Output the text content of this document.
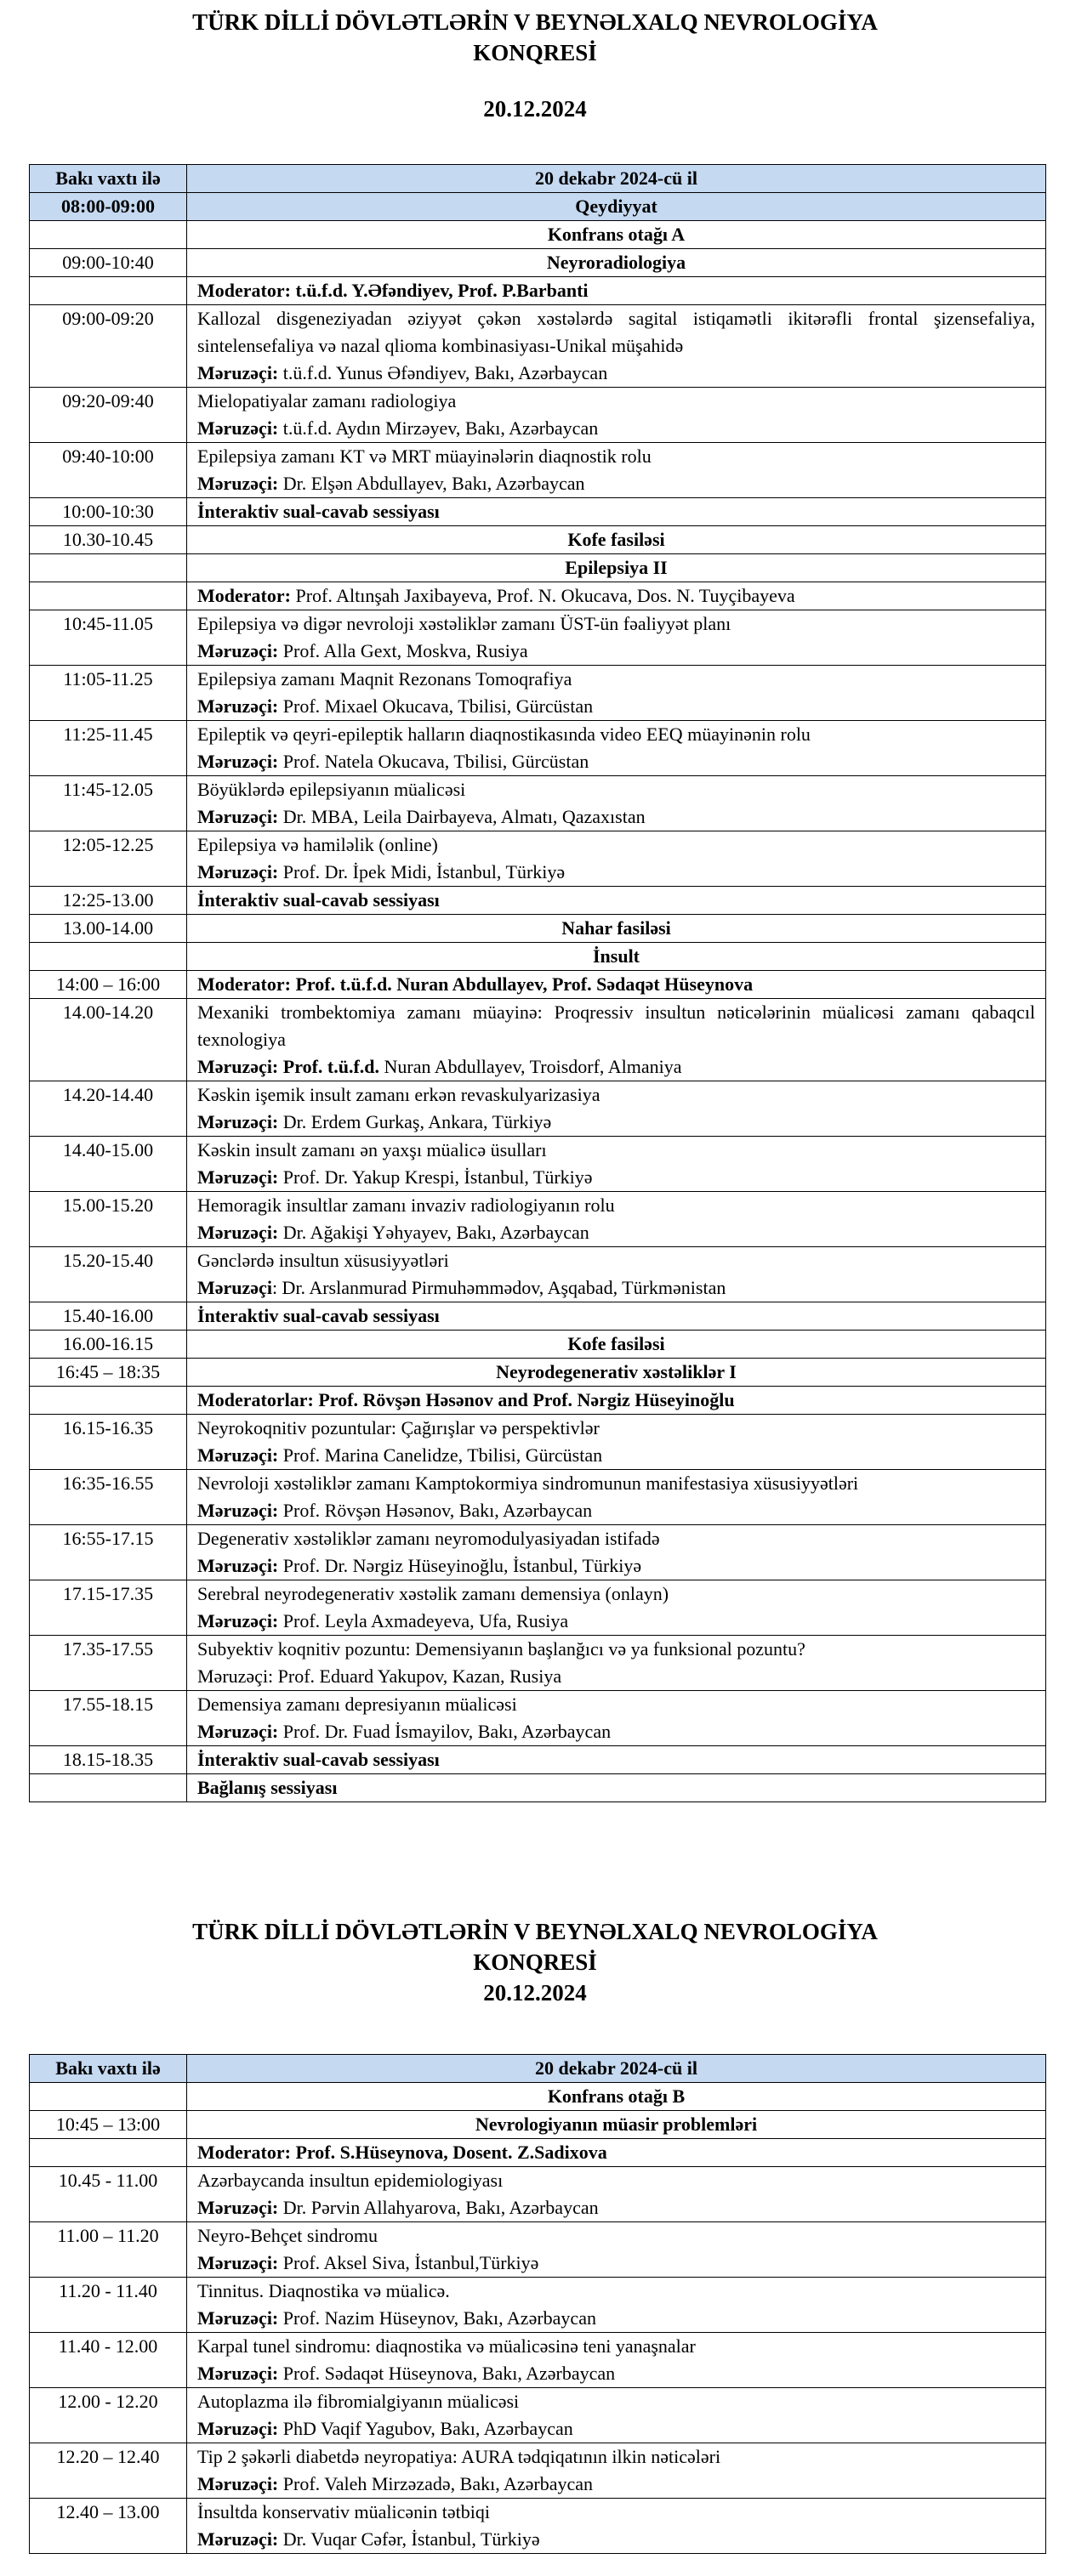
TÜRK DİLLİ DÖVLƏTLƏRİN V BEYNƏLXALQ NEVROLOGİYA
KONQRESİ
20.12.2024
Bakı vaxtı ilə	20 dekabr 2024-cü il
08:00-09:00	Qeydiyyat
	Konfrans otağı A
09:00-10:40	Neyroradiologiya
	Moderator: t.ü.f.d. Y.Əfəndiyev, Prof. P.Barbanti
09:00-09:20	Kallozal disgeneziyadan əziyyət çəkən xəstələrdə sagital istiqamətli ikitərəfli frontal şizensefaliya, sintelensefaliya və nazal qlioma kombinasiyası-Unikal müşahidə
Məruzəçi: t.ü.f.d. Yunus Əfəndiyev, Bakı, Azərbaycan

09:20-09:40	Mielopatiyalar zamanı radiologiya
Məruzəçi: t.ü.f.d. Aydın Mirzəyev, Bakı, Azərbaycan

09:40-10:00	Epilepsiya zamanı KT və MRT müayinələrin diaqnostik rolu
Məruzəçi: Dr. Elşən Abdullayev, Bakı, Azərbaycan

10:00-10:30	İnteraktiv sual-cavab sessiyası
10.30-10.45	Kofe fasiləsi
	Epilepsiya II
	Moderator: Prof. Altınşah Jaxibayeva, Prof. N. Okucava, Dos. N. Tuyçibayeva
10:45-11.05	Epilepsiya və digər nevroloji xəstəliklər zamanı ÜST-ün fəaliyyət planı
Məruzəçi: Prof. Alla Gext, Moskva, Rusiya

11:05-11.25	Epilepsiya zamanı Maqnit Rezonans Tomoqrafiya
Məruzəçi: Prof. Mixael Okucava, Tbilisi, Gürcüstan

11:25-11.45	Epileptik və qeyri-epileptik halların diaqnostikasında video EEQ müayinənin rolu
Məruzəçi: Prof. Natela Okucava, Tbilisi, Gürcüstan

11:45-12.05	Böyüklərdə epilepsiyanın müalicəsi
Məruzəçi: Dr. MBA, Leila Dairbayeva, Almatı, Qazaxıstan

12:05-12.25	Epilepsiya və hamiləlik (online)
Məruzəçi: Prof. Dr. İpek Midi, İstanbul, Türkiyə

12:25-13.00	İnteraktiv sual-cavab sessiyası
13.00-14.00	Nahar fasiləsi
	İnsult
14:00 – 16:00	Moderator: Prof. t.ü.f.d. Nuran Abdullayev, Prof. Sədaqət Hüseynova
14.00-14.20	Mexaniki trombektomiya zamanı müayinə: Proqressiv insultun nəticələrinin müalicəsi zamanı qabaqcıl texnologiya
Məruzəçi: Prof. t.ü.f.d. Nuran Abdullayev, Troisdorf, Almaniya

14.20-14.40	Kəskin işemik insult zamanı erkən revaskulyarizasiya
Məruzəçi: Dr. Erdem Gurkaş, Ankara, Türkiyə

14.40-15.00	Kəskin insult zamanı ən yaxşı müalicə üsulları
Məruzəçi: Prof. Dr. Yakup Krespi, İstanbul, Türkiyə

15.00-15.20	Hemoragik insultlar zamanı invaziv radiologiyanın rolu
Məruzəçi: Dr. Ağakişi Yəhyayev, Bakı, Azərbaycan

15.20-15.40	Gənclərdə insultun xüsusiyyətləri
Məruzəçi: Dr. Arslanmurad Pirmuhəmmədov, Aşqabad, Türkmənistan

15.40-16.00	İnteraktiv sual-cavab sessiyası
16.00-16.15	Kofe fasiləsi
16:45 – 18:35	Neyrodegenerativ xəstəliklər I
	Moderatorlar: Prof. Rövşən Həsənov and Prof. Nərgiz Hüseyinoğlu
16.15-16.35	Neyrokoqnitiv pozuntular: Çağırışlar və perspektivlər
Məruzəçi: Prof. Marina Canelidze, Tbilisi, Gürcüstan

16:35-16.55	Nevroloji xəstəliklər zamanı Kamptokormiya sindromunun manifestasiya xüsusiyyətləri
Məruzəçi: Prof. Rövşən Həsənov, Bakı, Azərbaycan

16:55-17.15	Degenerativ xəstəliklər zamanı neyromodulyasiyadan istifadə
Məruzəçi: Prof. Dr. Nərgiz Hüseyinoğlu, İstanbul, Türkiyə

17.15-17.35	Serebral neyrodegenerativ xəstəlik zamanı demensiya (onlayn)
Məruzəçi: Prof. Leyla Axmadeyeva, Ufa, Rusiya

17.35-17.55	Subyektiv koqnitiv pozuntu: Demensiyanın başlanğıcı və ya funksional pozuntu?
Məruzəçi: Prof. Eduard Yakupov, Kazan, Rusiya

17.55-18.15	Demensiya zamanı depresiyanın müalicəsi
Məruzəçi: Prof. Dr. Fuad İsmayilov, Bakı, Azərbaycan

18.15-18.35	İnteraktiv sual-cavab sessiyası
	Bağlanış sessiyası
TÜRK DİLLİ DÖVLƏTLƏRİN V BEYNƏLXALQ NEVROLOGİYA
KONQRESİ
20.12.2024
Bakı vaxtı ilə	20 dekabr 2024-cü il
	Konfrans otağı B
10:45 – 13:00	Nevrologiyanın müasir problemləri
	Moderator: Prof. S.Hüseynova, Dosent. Z.Sadixova
10.45 - 11.00	Azərbaycanda insultun epidemiologiyası
Məruzəçi: Dr. Pərvin Allahyarova, Bakı, Azərbaycan

11.00 – 11.20	Neyro-Behçet sindromu
Məruzəçi: Prof. Aksel Siva, İstanbul,Türkiyə

11.20 - 11.40	Tinnitus. Diaqnostika və müalicə.
Məruzəçi: Prof. Nazim Hüseynov, Bakı, Azərbaycan

11.40 - 12.00	Karpal tunel sindromu: diaqnostika və müalicəsinə teni yanaşnalar
Məruzəçi: Prof. Sədaqət Hüseynova, Bakı, Azərbaycan

12.00 - 12.20	Autoplazma ilə fibromialgiyanın müalicəsi
Məruzəçi: PhD Vaqif Yagubov, Bakı, Azərbaycan

12.20 – 12.40	Tip 2 şəkərli diabetdə neyropatiya: AURA tədqiqatının ilkin nəticələri
Məruzəçi: Prof. Valeh Mirzəzadə, Bakı, Azərbaycan

12.40 – 13.00	İnsultda konservativ müalicənin tətbiqi
Məruzəçi: Dr. Vuqar Cəfər, İstanbul, Türkiyə
